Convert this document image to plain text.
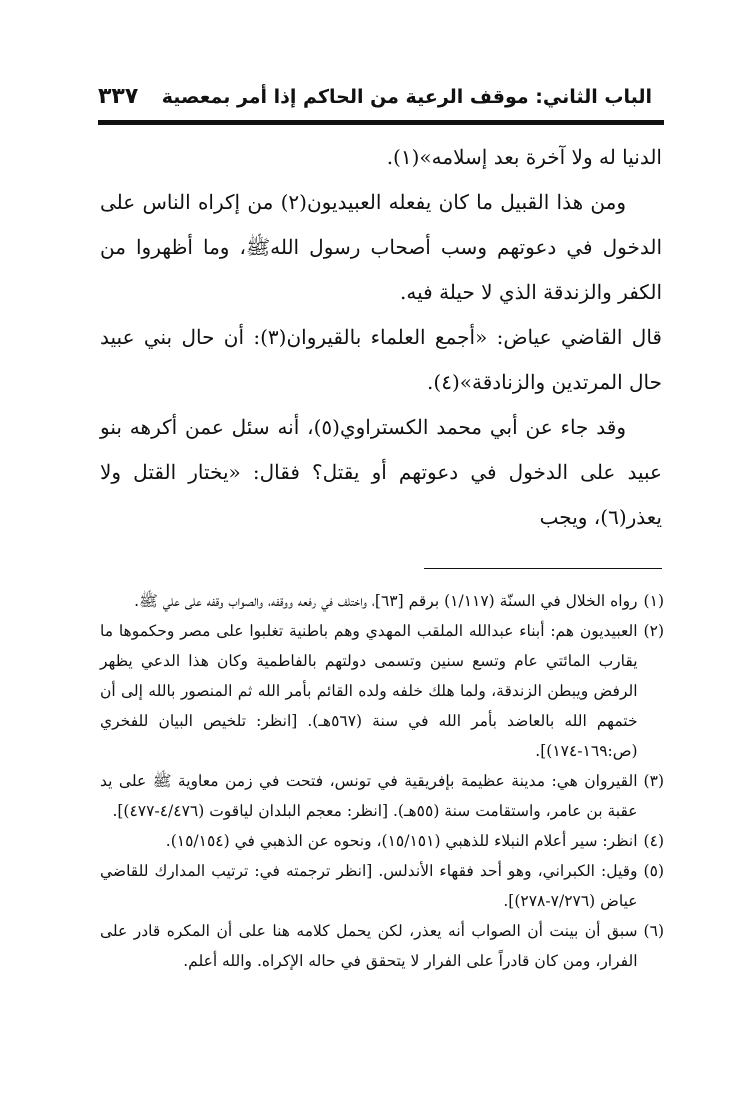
الباب الثاني: موقف الرعية من الحاكم إذا أمر بمعصية
٣٣٧

الدنيا له ولا آخرة بعد إسلامه»(١).

ومن هذا القبيل ما كان يفعله العبيديون(٢) من إكراه الناس على الدخول في دعوتهم وسب أصحاب رسول اللهﷺ، وما أظهروا من الكفر والزندقة الذي لا حيلة فيه.

قال القاضي عياض: «أجمع العلماء بالقيروان(٣): أن حال بني عبيد حال المرتدين والزنادقة»(٤).

وقد جاء عن أبي محمد الكستراوي(٥)، أنه سئل عمن أكرهه بنو عبيد على الدخول في دعوتهم أو يقتل؟ فقال: «يختار القتل ولا يعذر(٦)، ويجب

(١)
رواه الخلال في السنّة (١/١١٧) برقم [٦٣]، واختلف في رفعه ووقفه، والصواب وقفه على علي ﷺ.
(٢)
العبيديون هم: أبناء عبدالله الملقب المهدي وهم باطنية تغلبوا على مصر وحكموها ما يقارب المائتي عام وتسع سنين وتسمى دولتهم بالفاطمية وكان هذا الدعي يظهر الرفض ويبطن الزندقة، ولما هلك خلفه ولده القائم بأمر الله ثم المنصور بالله إلى أن ختمهم الله بالعاضد بأمر الله في سنة (٥٦٧هـ). [انظر: تلخيص البيان للفخري (ص:١٦٩-١٧٤)].
(٣)
القيروان هي: مدينة عظيمة بإفريقية في تونس، فتحت في زمن معاوية ﷺ على يد عقبة بن عامر، واستقامت سنة (٥٥هـ). [انظر: معجم البلدان لياقوت (٤/٤٧٦-٤٧٧)].
(٤)
انظر: سير أعلام النبلاء للذهبي (١٥/١٥١)، ونحوه عن الذهبي في (١٥/١٥٤).
(٥)
وقيل: الكبراني، وهو أحد فقهاء الأندلس. [انظر ترجمته في: ترتيب المدارك للقاضي عياض (٧/٢٧٦-٢٧٨)].
(٦)
سبق أن بينت أن الصواب أنه يعذر، لكن يحمل كلامه هنا على أن المكره قادر على الفرار، ومن كان قادراً على الفرار لا يتحقق في حاله الإكراه. والله أعلم.
